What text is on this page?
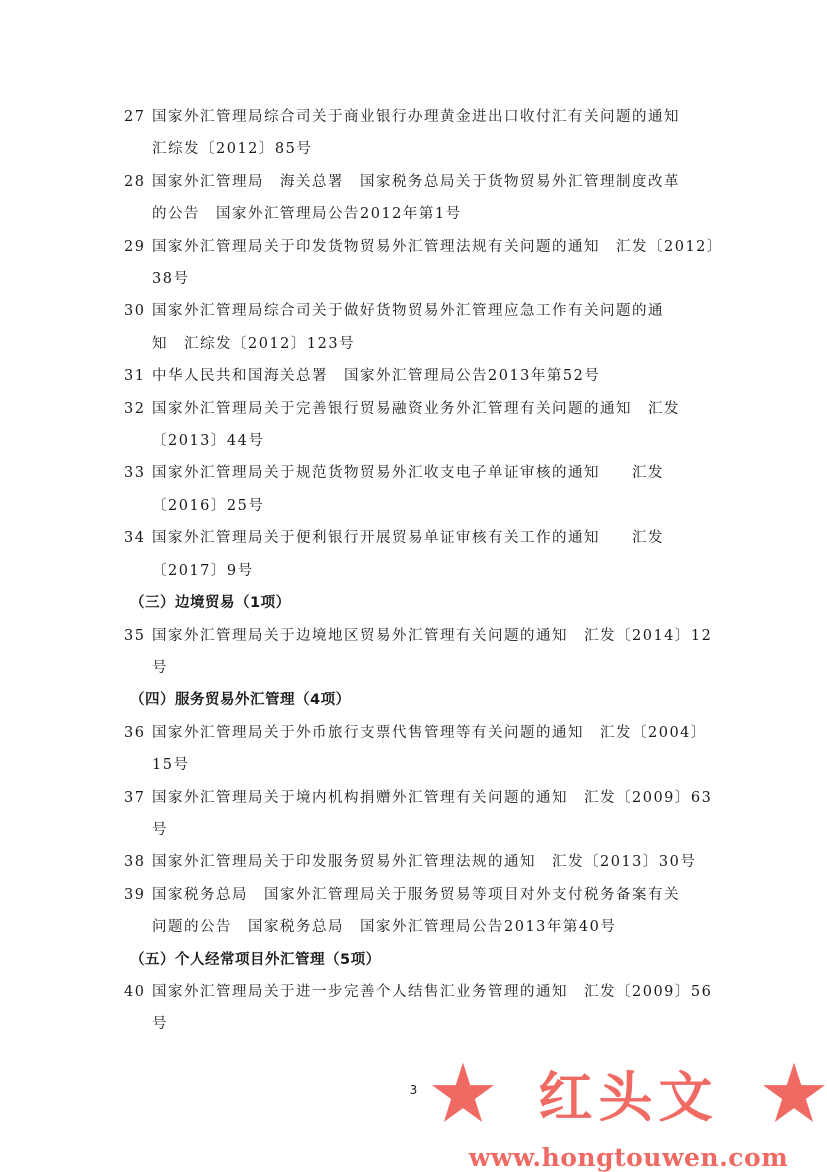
27 国家外汇管理局综合司关于商业银行办理黄金进出口收付汇有关问题的通知
汇综发〔2012〕85号
28 国家外汇管理局　海关总署　国家税务总局关于货物贸易外汇管理制度改革
的公告　国家外汇管理局公告2012年第1号
29 国家外汇管理局关于印发货物贸易外汇管理法规有关问题的通知　汇发〔2012〕
38号
30 国家外汇管理局综合司关于做好货物贸易外汇管理应急工作有关问题的通
知　汇综发〔2012〕123号
31 中华人民共和国海关总署　国家外汇管理局公告2013年第52号
32 国家外汇管理局关于完善银行贸易融资业务外汇管理有关问题的通知　汇发
〔2013〕44号
33 国家外汇管理局关于规范货物贸易外汇收支电子单证审核的通知　　汇发
〔2016〕25号
34 国家外汇管理局关于便利银行开展贸易单证审核有关工作的通知　　汇发
〔2017〕9号
（三）边境贸易（1项）
35 国家外汇管理局关于边境地区贸易外汇管理有关问题的通知　汇发〔2014〕12
号
（四）服务贸易外汇管理（4项）
36 国家外汇管理局关于外币旅行支票代售管理等有关问题的通知　汇发〔2004〕
15号
37 国家外汇管理局关于境内机构捐赠外汇管理有关问题的通知　汇发〔2009〕63
号
38 国家外汇管理局关于印发服务贸易外汇管理法规的通知　汇发〔2013〕30号
39 国家税务总局　国家外汇管理局关于服务贸易等项目对外支付税务备案有关
问题的公告　国家税务总局　国家外汇管理局公告2013年第40号
（五）个人经常项目外汇管理（5项）
40 国家外汇管理局关于进一步完善个人结售汇业务管理的通知　汇发〔2009〕56
号
3	红头文
www.hongtouwen.com
